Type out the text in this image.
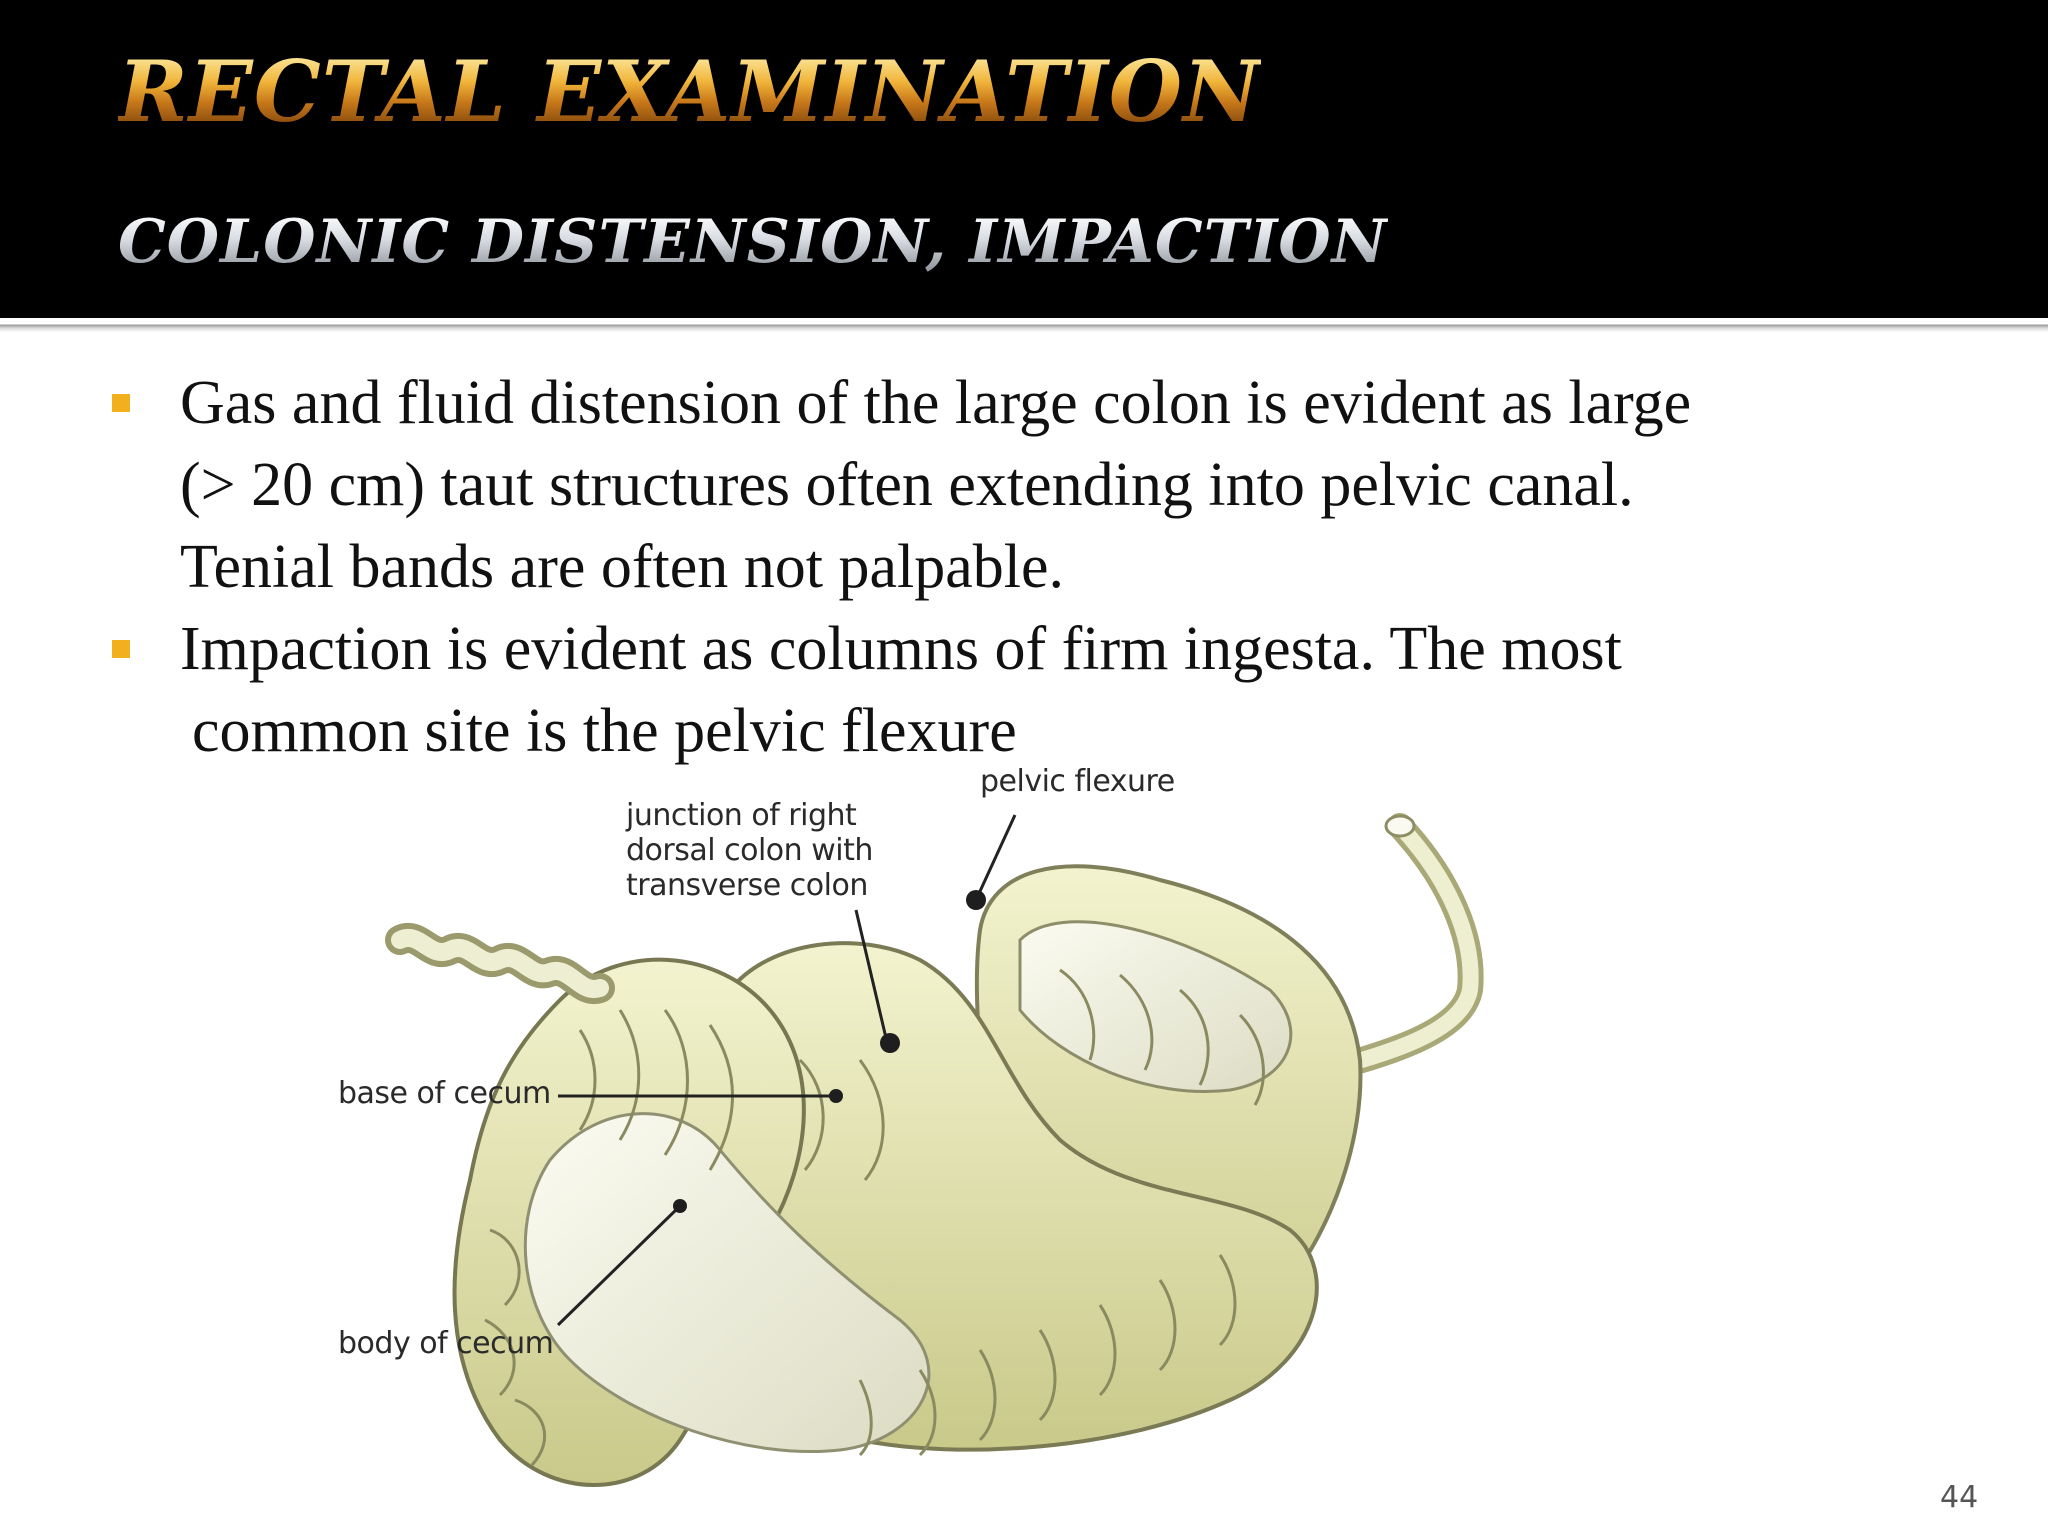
RECTAL EXAMINATION
COLONIC DISTENSION, IMPACTION
Gas and fluid distension of the large colon is evident as large
(> 20 cm) taut structures often extending into pelvic canal.
Tenial bands are often not palpable.
Impaction is evident as columns of firm ingesta. The most
common site is the pelvic flexure

pelvic flexure

junction of right
dorsal colon with
transverse colon

base of cecum

body of cecum

44
